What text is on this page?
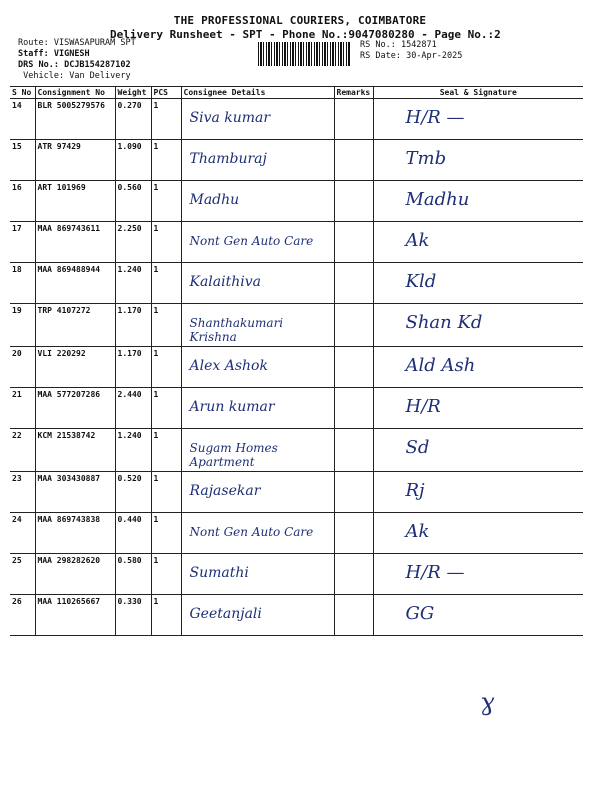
THE PROFESSIONAL COURIERS, COIMBATORE
Delivery Runsheet - SPT - Phone No.:9047080280 - Page No.:2
Route: VISWASAPURAM SPT
Staff: VIGNESH
DRS No.: DCJB154287102
Vehicle: Van Delivery
RS No.: 1542871
RS Date: 30-Apr-2025
S No	Consignment No	Weight	PCS	Consignee Details	Remarks	Seal & Signature
14	BLR 5005279576	0.270	1	Siva kumar		H/R —

15	ATR 97429	1.090	1	Thamburaj		Tmb

16	ART 101969	0.560	1	Madhu		Madhu

17	MAA 869743611	2.250	1	Nont Gen Auto Care		Ak

18	MAA 869488944	1.240	1	Kalaithiva		Kld

19	TRP 4107272	1.170	1	Shanthakumari Krishna		Shan Kd

20	VLI 220292	1.170	1	Alex Ashok		Ald Ash

21	MAA 577207286	2.440	1	Arun kumar		H/R

22	KCM 21538742	1.240	1	Sugam Homes Apartment		Sd

23	MAA 303430887	0.520	1	Rajasekar		Rj

24	MAA 869743838	0.440	1	Nont Gen Auto Care		Ak

25	MAA 298282620	0.580	1	Sumathi		H/R —

26	MAA 110265667	0.330	1	Geetanjali		GG
ɣ
